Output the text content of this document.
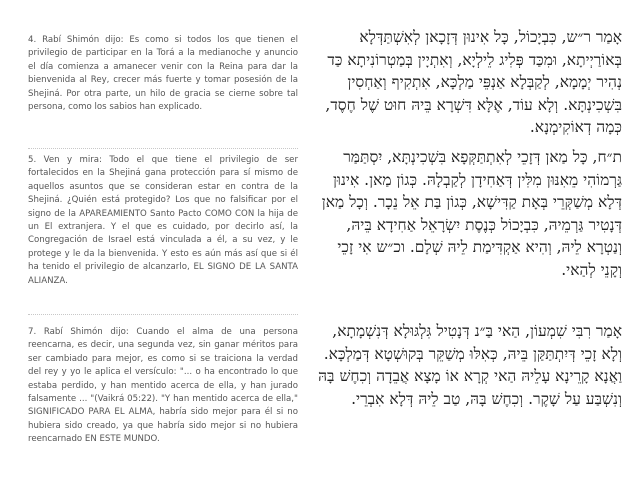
4. Rabí Shimón dijo: Es como si todos los que tienen el privilegio de participar en la Torá a la medianoche y anuncio el día comienza a amanecer venir con la Reina para dar la bienvenida al Rey, crecer más fuerte y tomar posesión de la Shejiná. Por otra parte, un hilo de gracia se cierne sobre tal persona, como los sabios han explicado.

אָמַר ר״ש, כִּבְיָכוֹל, כָּל אִינוּן דְּזָכָאן לְאִשְׁתַּדְּלָא בְּאוֹרַיְיתָא, וּמִכַּד פְּלִיג לֵילְיָא, וְאִתְיָין בְּמַטְרוֹנִיתָא כַּד נְהִיר יְמָמָא, לְקַבְּלָא אַנְפֵּי מַלְכָּא, אִתְקִיף וְאַחְסִין בִּשְׁכִינְתָּא. וְלָא עוֹד, אֶלָּא דִּשְׁרָא בֵּיהּ חוּט שֶׁל חֶסֶד, כְּמָה דְאוֹקִימְנָא.

5. Ven y mira: Todo el que tiene el privilegio de ser fortalecidos en la Shejiná gana protección para sí mismo de aquellos asuntos que se consideran estar en contra de la Shejiná. ¿Quién está protegido? Los que no falsificar por el signo de la APAREAMIENTO Santo Pacto COMO CON la hija de un El extranjera. Y el que es cuidado, por decirlo así, la Congregación de Israel está vinculada a él, a su vez, y le protege y le da la bienvenida. Y esto es aún más así que si él ha tenido el privilegio de alcanzarlo, EL SIGNO DE LA SANTA ALIANZA.

ת״ח, כָּל מַאן דְּזָכֵי לְאִתְתַּקְּפָא בִּשְׁכִינְתָּא, יִסְתַּמַּר גַּרְמוֹהִי מֵאִנּוּן מִלִּין דְּאַחִידָן לְקַבְלָהּ. כְּגוֹן מַאן. אִינוּן דְּלָא מְשַׁקְּרֵי בְּאָת קַדִּישָׁא, כְּגוֹן בַּת אֵל נֵכָר. וְכָל מַאן דְּנָטִיר גַּרְמֵיהּ, כִּבְיָכוֹל כְּנֶסֶת יִשְׂרָאֵל אַחִידָא בֵּיהּ, וְנַטְרָא לֵיהּ, וְהִיא אַקְדִּימַת לֵיהּ שְׁלָם. וכ״ש אִי זָכֵי וְקָנֵי לְהַאי.

7. Rabí Shimón dijo: Cuando el alma de una persona reencarna, es decir, una segunda vez, sin ganar méritos para ser cambiado para mejor, es como si se traiciona la verdad del rey y yo le aplica el versículo: "... o ha encontrado lo que estaba perdido, y han mentido acerca de ella, y han jurado falsamente ... "(Vaikrá 05:22). "Y han mentido acerca de ella," SIGNIFICADO PARA EL ALMA, habría sido mejor para él si no hubiera sido creado, ya que habría sido mejor si no hubiera reencarnado EN ESTE MUNDO.

אָמַר רִבִּי שִׁמְעוֹן, הַאי בַּ״נ דְּנָטִיל גִּלְגּוּלָא דְּנִשְׁמָתָא, וְלָא זָכֵי דְּיִתְתַּקַּן בֵּיהּ, כְּאִלּוּ מְשַׁקֵּר בְּקוּשְׁטָא דְּמַלְכָּא. וַאֲנָא קָרֵינָא עָלֵיהּ הַאי קְרָא אוֹ מָצָא אֲבֵדָה וְכִחֶשׁ בָּהּ וְנִשְׁבַּע עַל שָׁקֶר. וְכִחֶשׁ בָּהּ, טַב לֵיהּ דְּלָא אִבְרֵי.
